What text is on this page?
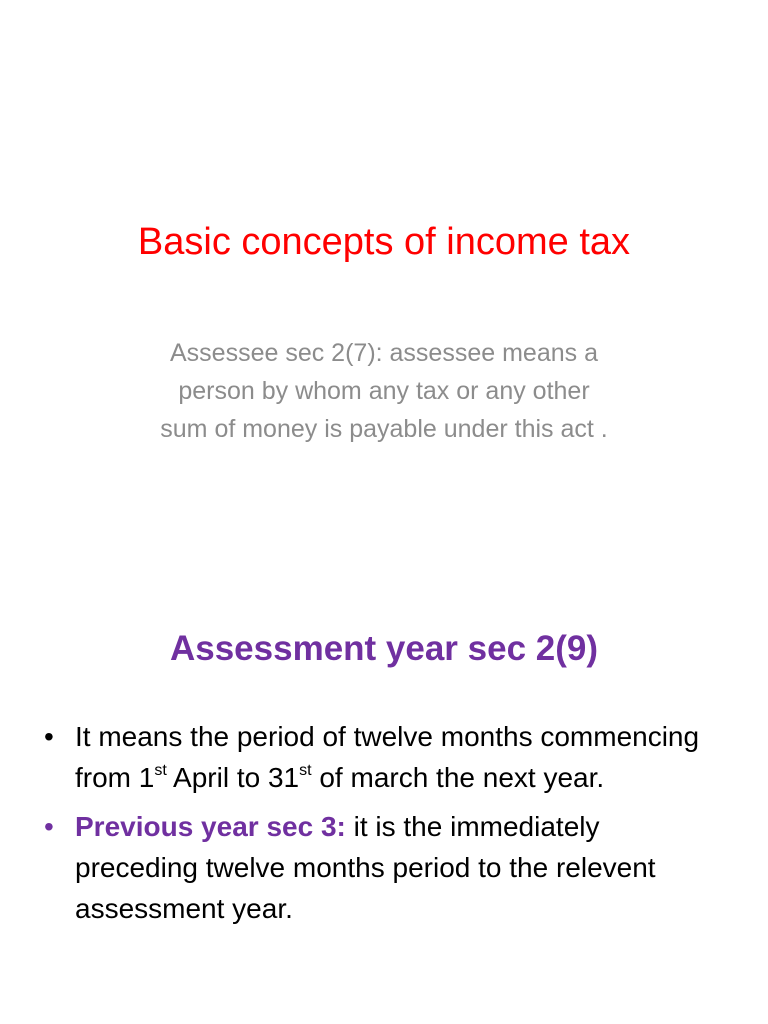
Basic concepts of income tax
Assessee sec 2(7): assessee means a
person by whom any tax or any other
sum of money is payable under this act .
Assessment year sec 2(9)
• It means the period of twelve months commencing from 1st April to 31st of march the next year.
• Previous year sec 3: it is the immediately preceding twelve months period to the relevent assessment year.
